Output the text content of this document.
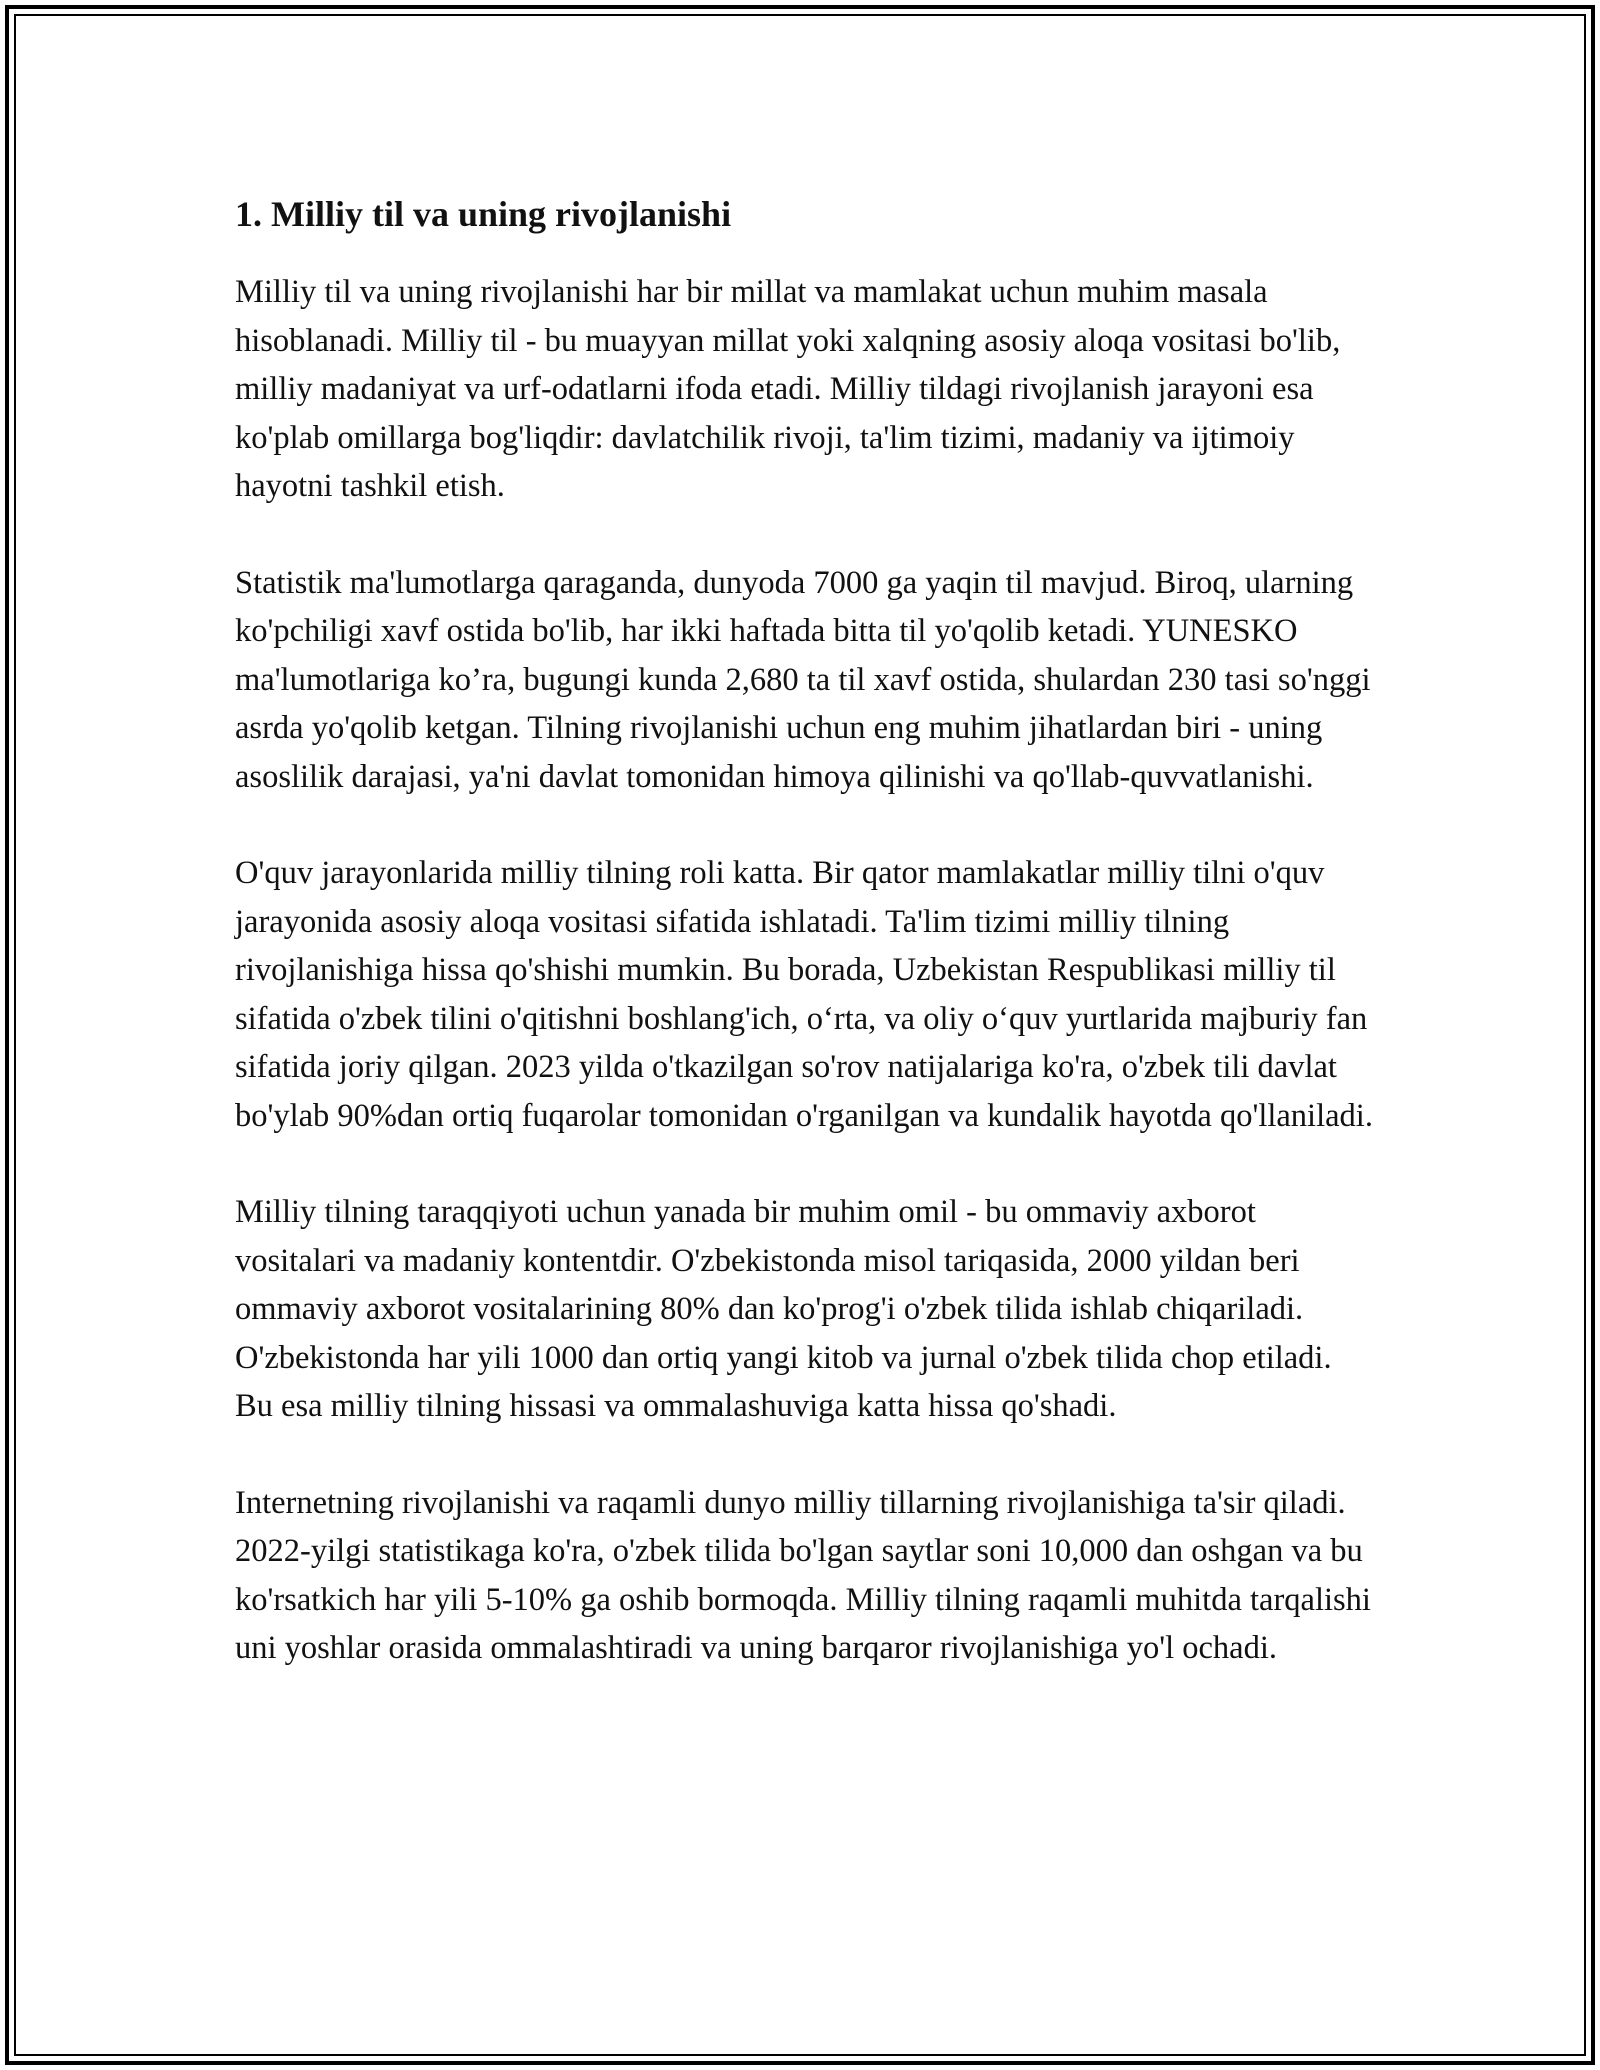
1. Milliy til va uning rivojlanishi

Milliy til va uning rivojlanishi har bir millat va mamlakat uchun muhim masala hisoblanadi. Milliy til - bu muayyan millat yoki xalqning asosiy aloqa vositasi bo'lib, milliy madaniyat va urf-odatlarni ifoda etadi. Milliy tildagi rivojlanish jarayoni esa ko'plab omillarga bog'liqdir: davlatchilik rivoji, ta'lim tizimi, madaniy va ijtimoiy hayotni tashkil etish.

Statistik ma'lumotlarga qaraganda, dunyoda 7000 ga yaqin til mavjud. Biroq, ularning ko'pchiligi xavf ostida bo'lib, har ikki haftada bitta til yo'qolib ketadi. YUNESKO ma'lumotlariga ko’ra, bugungi kunda 2,680 ta til xavf ostida, shulardan 230 tasi so'nggi asrda yo'qolib ketgan. Tilning rivojlanishi uchun eng muhim jihatlardan biri - uning asoslilik darajasi, ya'ni davlat tomonidan himoya qilinishi va qo'llab-quvvatlanishi.

O'quv jarayonlarida milliy tilning roli katta. Bir qator mamlakatlar milliy tilni o'quv jarayonida asosiy aloqa vositasi sifatida ishlatadi. Ta'lim tizimi milliy tilning rivojlanishiga hissa qo'shishi mumkin. Bu borada, Uzbekistan Respublikasi milliy til sifatida o'zbek tilini o'qitishni boshlang'ich, o‘rta, va oliy o‘quv yurtlarida majburiy fan sifatida joriy qilgan. 2023 yilda o'tkazilgan so'rov natijalariga ko'ra, o'zbek tili davlat bo'ylab 90%dan ortiq fuqarolar tomonidan o'rganilgan va kundalik hayotda qo'llaniladi.

Milliy tilning taraqqiyoti uchun yanada bir muhim omil - bu ommaviy axborot vositalari va madaniy kontentdir. O'zbekistonda misol tariqasida, 2000 yildan beri ommaviy axborot vositalarining 80% dan ko'prog'i o'zbek tilida ishlab chiqariladi. O'zbekistonda har yili 1000 dan ortiq yangi kitob va jurnal o'zbek tilida chop etiladi. Bu esa milliy tilning hissasi va ommalashuviga katta hissa qo'shadi.

Internetning rivojlanishi va raqamli dunyo milliy tillarning rivojlanishiga ta'sir qiladi. 2022-yilgi statistikaga ko'ra, o'zbek tilida bo'lgan saytlar soni 10,000 dan oshgan va bu ko'rsatkich har yili 5-10% ga oshib bormoqda. Milliy tilning raqamli muhitda tarqalishi uni yoshlar orasida ommalashtiradi va uning barqaror rivojlanishiga yo'l ochadi.
